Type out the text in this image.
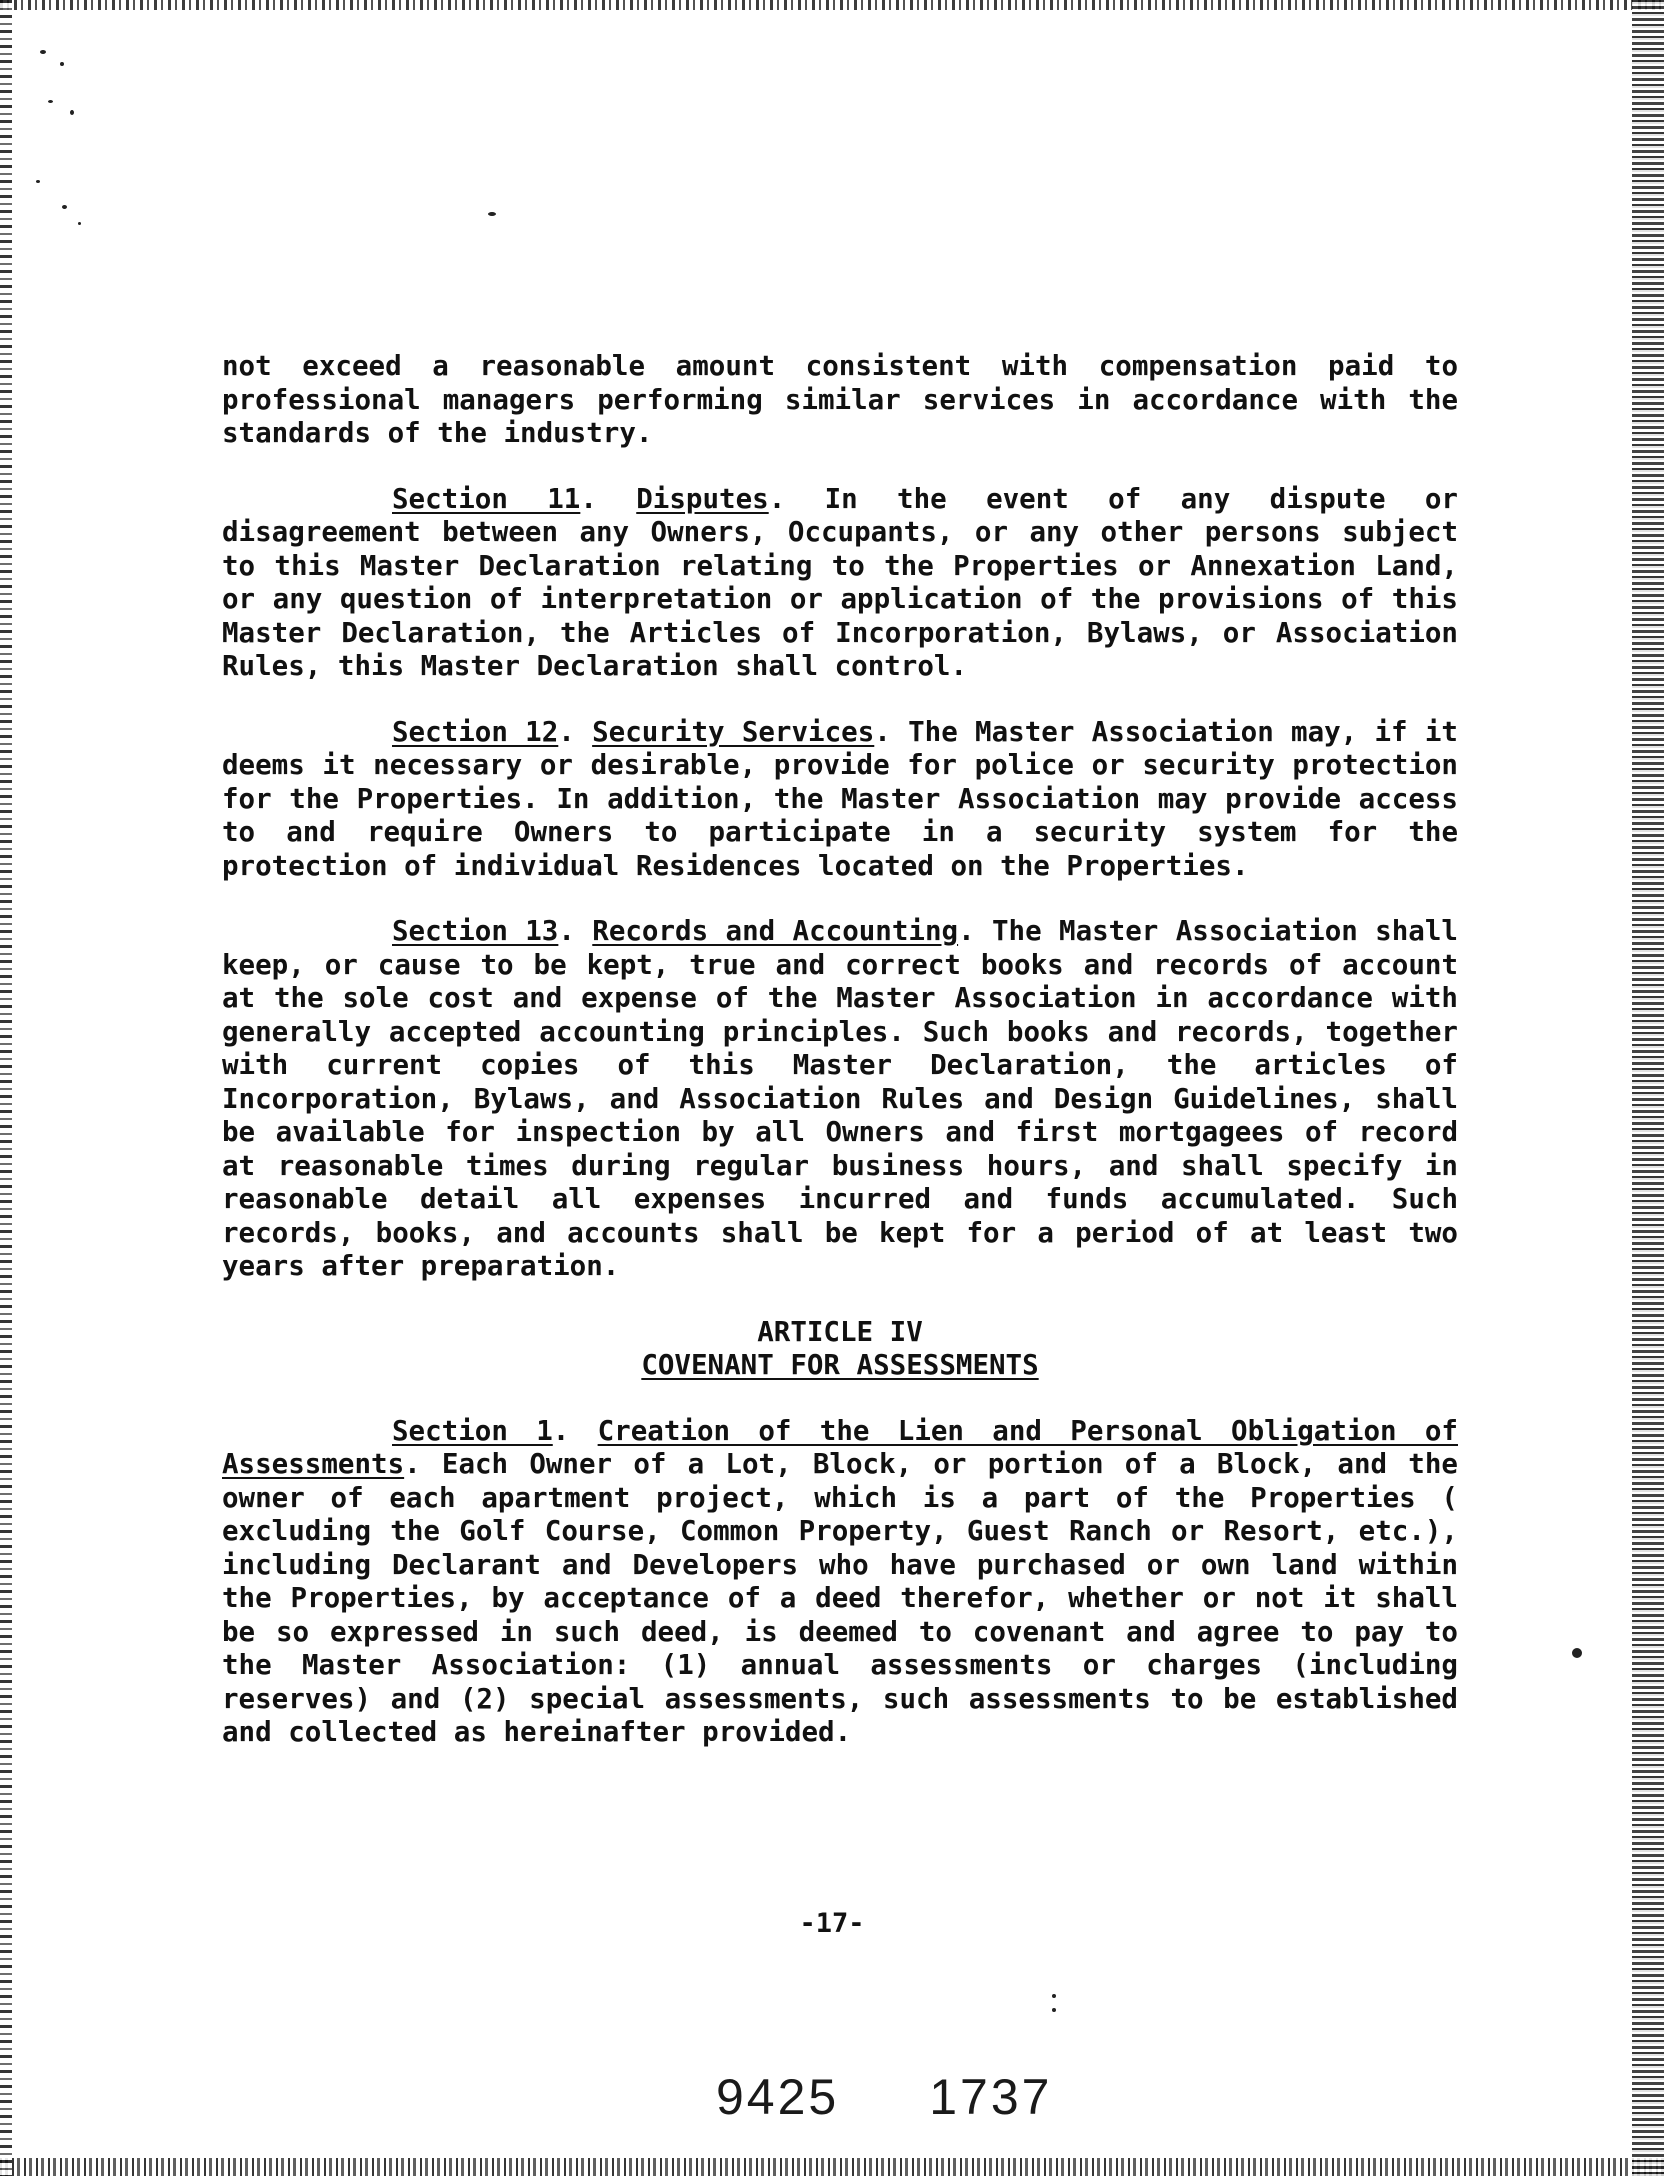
not exceed a reasonable amount consistent with compensation paid to professional managers performing similar services in accordance with the standards of the industry.

Section 11. Disputes. In the event of any dispute or disagreement between any Owners, Occupants, or any other persons subject to this Master Declaration relating to the Properties or Annexation Land, or any question of interpretation or application of the provisions of this Master Declaration, the Articles of Incorporation, Bylaws, or Association Rules, this Master Declaration shall control.

Section 12. Security Services. The Master Association may, if it deems it necessary or desirable, provide for police or security protection for the Properties. In addition, the Master Association may provide access to and require Owners to participate in a security system for the protection of individual Residences located on the Properties.

Section 13. Records and Accounting. The Master Association shall keep, or cause to be kept, true and correct books and records of account at the sole cost and expense of the Master Association in accordance with generally accepted accounting principles. Such books and records, together with current copies of this Master Declaration, the articles of Incorporation, Bylaws, and Association Rules and Design Guidelines, shall be available for inspection by all Owners and first mortgagees of record at reasonable times during regular business hours, and shall specify in reasonable detail all expenses incurred and funds accumulated. Such records, books, and accounts shall be kept for a period of at least two years after preparation.

ARTICLE IV

COVENANT FOR ASSESSMENTS

Section 1. Creation of the Lien and Personal Obligation of Assessments. Each Owner of a Lot, Block, or portion of a Block, and the owner of each apartment project, which is a part of the Properties ( excluding the Golf Course, Common Property, Guest Ranch or Resort, etc.), including Declarant and Developers who have purchased or own land within the Properties, by acceptance of a deed therefor, whether or not it shall be so expressed in such deed, is deemed to covenant and agree to pay to the Master Association: (1) annual assessments or charges (including reserves) and (2) special assessments, such assessments to be established and collected as hereinafter provided.

-17-
9425 1737
